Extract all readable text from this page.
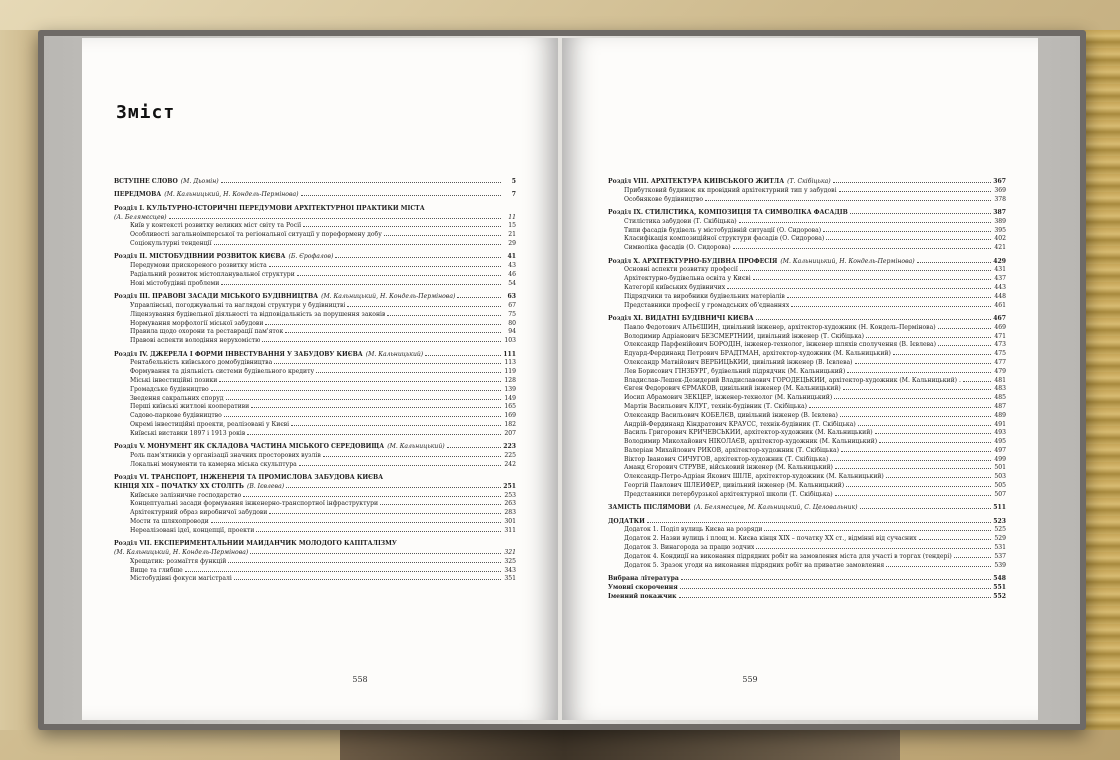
Зміст
ВСТУПНЕ СЛОВО (М. Дьомін)	5
ПЕРЕДМОВА (М. Кальницький, Н. Кондель-Пермінова)	7
Розділ I. КУЛЬТУРНО-ІСТОРИЧНІ ПЕРЕДУМОВИ АРХІТЕКТУРНОЇ ПРАКТИКИ МІСТА
(А. Белямєсцев)	11
Київ у контексті розвитку великих міст світу та Росії	15
Особливості загальноімперської та регіональної ситуації у пореформену добу	21
Соціокультурні тенденції	29
Розділ II. МІСТОБУДІВНИЙ РОЗВИТОК КИЄВА (Б. Єрофалов)	41
Передумови прискореного розвитку міста	43
Радіальний розвиток містопланувальної структури	46
Нові містобудівні проблеми	54
Розділ III. ПРАВОВІ ЗАСАДИ МІСЬКОГО БУДІВНИЦТВА (М. Кальницький, Н. Кондель-Пермінова)	63
Управлінські, погоджувальні та наглядові структури у будівництві	67
Ліцензування будівельної діяльності та відповідальність за порушення законів	75
Нормування морфології міської забудови	80
Правила щодо охорони та реставрації пам'яток	94
Правові аспекти володіння нерухомістю	103
Розділ IV. ДЖЕРЕЛА І ФОРМИ ІНВЕСТУВАННЯ У ЗАБУДОВУ КИЄВА (М. Кальницький)	111
Рентабельність київського домобудівництва	113
Формування та діяльність системи будівельного кредиту	119
Міські інвестиційні позики	128
Громадське будівництво	139
Зведення сакральних споруд	149
Перші київські житлові кооперативи	165
Садово-паркове будівництво	169
Окремі інвестиційні проекти, реалізовані у Києві	182
Київські виставки 1897 і 1913 років	207
Розділ V. МОНУМЕНТ ЯК СКЛАДОВА ЧАСТИНА МІСЬКОГО СЕРЕДОВИЩА (М. Кальницький)	223
Роль пам'ятників у організації значних просторових вузлів	225
Локальні монументи та камерна міська скульптура	242
Розділ VI. ТРАНСПОРТ, ІНЖЕНЕРІЯ ТА ПРОМИСЛОВА ЗАБУДОВА КИЄВА
КІНЦЯ XIX – ПОЧАТКУ XX СТОЛІТЬ (В. Ієвлева)	251
Київське залізничне господарство	253
Концептуальні засади формування інженерно-транспортної інфраструктури	263
Архітектурний образ виробничої забудови	283
Мости та шляхопроводи	301
Нереалізовані ідеї, концепції, проекти	311
Розділ VII. ЕКСПЕРИМЕНТАЛЬНИЙ МАЙДАНЧИК МОЛОДОГО КАПІТАЛІЗМУ
(М. Кальницький, Н. Кондель-Пермінова)	321
Хрещатик: розмаїття функцій	325
Вище та глибше	343
Містобудівні фокуси магістралі	351
558
Розділ VIII. АРХІТЕКТУРА КИЇВСЬКОГО ЖИТЛА (Т. Скібіцька)	367
Прибутковий будинок як провідний архітектурний тип у забудові	369
Особнякове будівництво	378
Розділ IX. СТИЛІСТИКА, КОМПОЗИЦІЯ ТА СИМВОЛІКА ФАСАДІВ	387
Стилістика забудови (Т. Скібіцька)	389
Типи фасадів будівель у містобудівній ситуації (О. Сидорова)	395
Класифікація композиційної структури фасадів (О. Сидорова)	402
Символіка фасадів (О. Сидорова)	421
Розділ X. АРХІТЕКТУРНО-БУДІВНА ПРОФЕСІЯ (М. Кальницький, Н. Кондель-Пермінова)	429
Основні аспекти розвитку професії	431
Архітектурно-будівельна освіта у Києві	437
Категорії київських будівничих	443
Підрядчики та виробники будівельних матеріалів	448
Представники професії у громадських об'єднаннях	461
Розділ XI. ВИДАТНІ БУДІВНИЧІ КИЄВА	467
Павло Федотович АЛЬЄШИН, цивільний інженер, архітектор-художник (Н. Кондель-Пермінова)	469
Володимир Адріанович БЕЗСМЕРТНИЙ, цивільний інженер (Т. Скібіцька)	471
Олександр Парфенійович БОРОДІН, інженер-технолог, інженер шляхів сполучення (В. Ієвлева)	473
Едуард-Фердинанд Петрович БРАДТМАН, архітектор-художник (М. Кальницький)	475
Олександр Матвійович ВЕРБИЦЬКИЙ, цивільний інженер (В. Ієвлева)	477
Лев Борисович ГІНЗБУРГ, будівельний підрядчик (М. Кальницький)	479
Владислав-Лешек-Дезидерий Владиславович ГОРОДЕЦЬКИЙ, архітектор-художник (М. Кальницький) .	481
Євген Федорович ЄРМАКОВ, цивільний інженер (М. Кальницький)	483
Йосип Абрамович ЗЕКЦЕР, інженер-технолог (М. Кальницький)	485
Мартін Васильович КЛУГ, технік-будівник (Т. Скібіцька)	487
Олександр Васильович КОБЕЛЄВ, цивільний інженер (В. Ієвлева)	489
Андрій-Фердинанд Кіндратович КРАУСС, технік-будівник (Т. Скібіцька)	491
Василь Григорович КРИЧЕВСЬКИЙ, архітектор-художник (М. Кальницький)	493
Володимир Миколайович НІКОЛАЄВ, архітектор-художник (М. Кальницький)	495
Валеріан Михайлович РИКОВ, архітектор-художник (Т. Скібіцька)	497
Віктор Іванович СИЧУГОВ, архітектор-художник (Т. Скібіцька)	499
Аманд Єгорович СТРУВЕ, військовий інженер (М. Кальницький)	501
Олександр-Петро-Адріан Якович ШІЛЕ, архітектор-художник (М. Кальницький)	503
Георгій Павлович ШЛЕЙФЕР, цивільний інженер (М. Кальницький)	505
Представники петербурзької архітектурної школи (Т. Скібіцька)	507
ЗАМІСТЬ ПІСЛЯМОВИ (А. Белямєсцев, М. Кальницький, С. Целовальник)	511
ДОДАТКИ	523
Додаток 1. Поділ вулиць Києва на розряди	525
Додаток 2. Назви вулиць і площ м. Києва кінця XIX – початку XX ст., відмінні від сучасних	529
Додаток 3. Винагорода за працю зодчих	531
Додаток 4. Кондиції на виконання підрядних робіт на замовлення міста для участі в торгах (тендері)	537
Додаток 5. Зразок угоди на виконання підрядних робіт на приватне замовлення	539
Вибрана література	548
Умовні скорочення	551
Іменний покажчик	552
559
